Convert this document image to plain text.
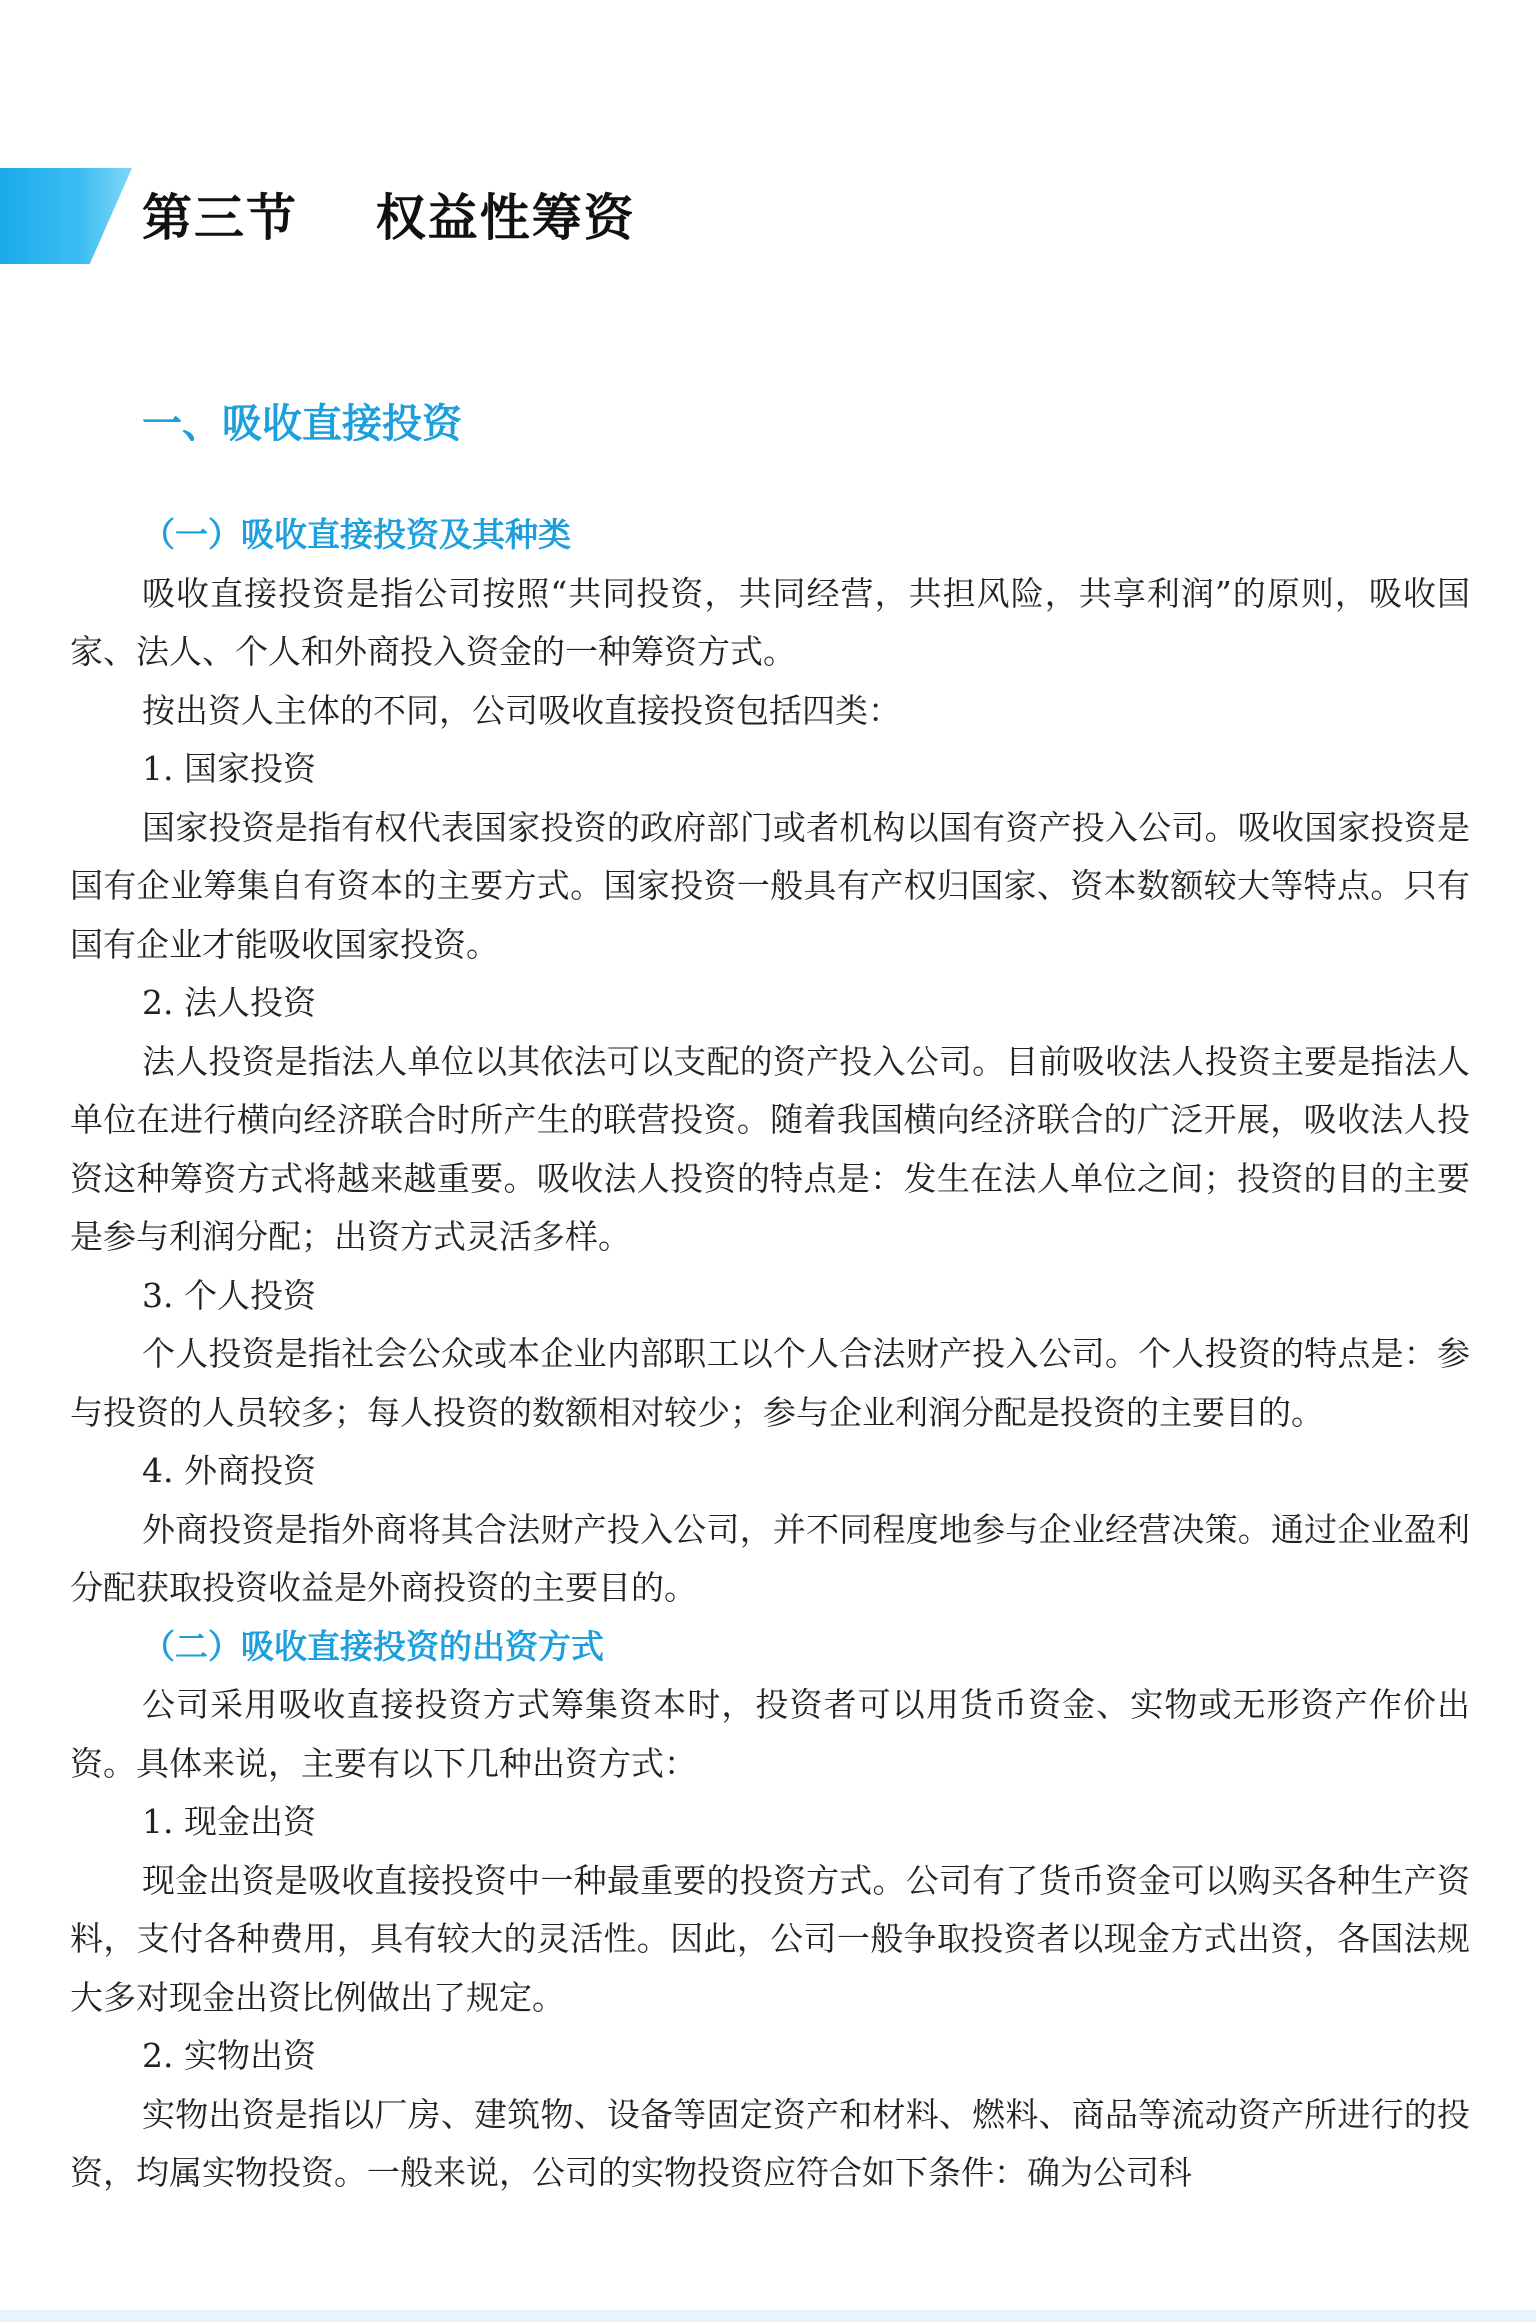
第三节    权益性筹资
一、吸收直接投资
（一）吸收直接投资及其种类

吸收直接投资是指公司按照“共同投资，共同经营，共担风险，共享利润”的原则，吸收国家、法人、个人和外商投入资金的一种筹资方式。

按出资人主体的不同，公司吸收直接投资包括四类：

1. 国家投资

国家投资是指有权代表国家投资的政府部门或者机构以国有资产投入公司。吸收国家投资是国有企业筹集自有资本的主要方式。国家投资一般具有产权归国家、资本数额较大等特点。只有国有企业才能吸收国家投资。

2. 法人投资

法人投资是指法人单位以其依法可以支配的资产投入公司。目前吸收法人投资主要是指法人单位在进行横向经济联合时所产生的联营投资。随着我国横向经济联合的广泛开展，吸收法人投资这种筹资方式将越来越重要。吸收法人投资的特点是：发生在法人单位之间；投资的目的主要是参与利润分配；出资方式灵活多样。

3. 个人投资

个人投资是指社会公众或本企业内部职工以个人合法财产投入公司。个人投资的特点是：参与投资的人员较多；每人投资的数额相对较少；参与企业利润分配是投资的主要目的。

4. 外商投资

外商投资是指外商将其合法财产投入公司，并不同程度地参与企业经营决策。通过企业盈利分配获取投资收益是外商投资的主要目的。

（二）吸收直接投资的出资方式

公司采用吸收直接投资方式筹集资本时，投资者可以用货币资金、实物或无形资产作价出资。具体来说，主要有以下几种出资方式：

1. 现金出资

现金出资是吸收直接投资中一种最重要的投资方式。公司有了货币资金可以购买各种生产资料，支付各种费用，具有较大的灵活性。因此，公司一般争取投资者以现金方式出资，各国法规大多对现金出资比例做出了规定。

2. 实物出资

实物出资是指以厂房、建筑物、设备等固定资产和材料、燃料、商品等流动资产所进行的投资，均属实物投资。一般来说，公司的实物投资应符合如下条件：确为公司科
